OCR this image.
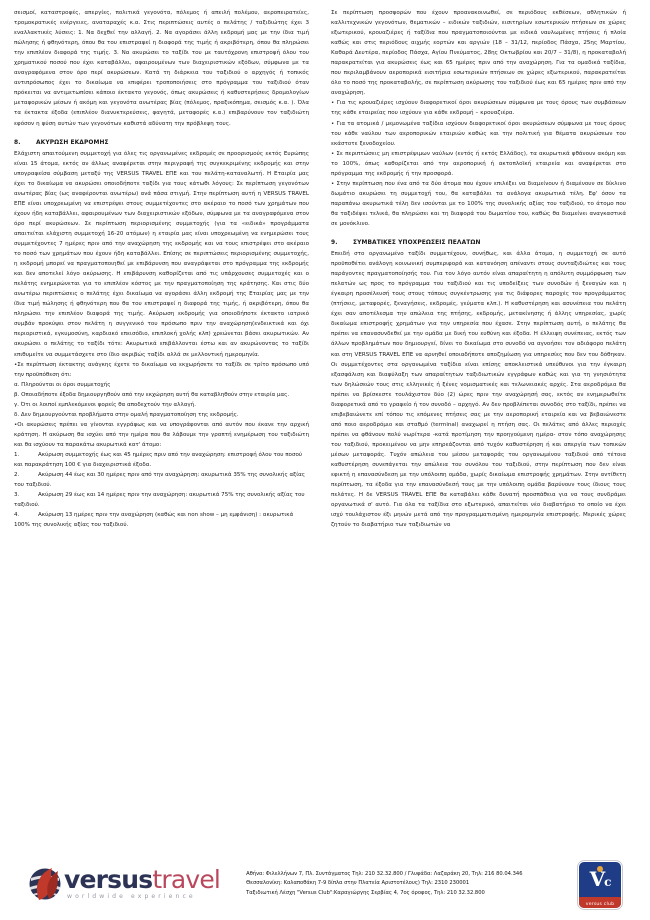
σεισμοί, καταστροφές, απεργίες, πολιτικά γεγονότα, πόλεμος ή απειλή πολέμου, αεροπειρατείες, τρομοκρατικές ενέργειες, αναταραχές κ.α. Στις περιπτώσεις αυτές ο πελάτης / ταξιδιώτης έχει 3 εναλλακτικές λύσεις: 1. Να δεχθεί την αλλαγή. 2. Να αγοράσει άλλη εκδρομή μας με την ίδια τιμή πώλησης ή φθηνότερη, όπου θα του επιστραφεί η διαφορά της τιμής ή ακριβότερη, όπου θα πληρώσει την επιπλέον διαφορά της τιμής. 3. Να ακυρώσει το ταξίδι του με ταυτόχρονη επιστροφή όλου του χρηματικού ποσού που έχει καταβάλλει, αφαιρουμένων των διαχειριστικών εξόδων, σύμφωνα με τα αναγραφόμενα στον όρο περί ακυρώσεων. Κατά τη διάρκεια του ταξιδιού ο αρχηγός ή τοπικός αντιπρόσωπος έχει το δικαίωμα να επιφέρει τροποποιήσεις στο πρόγραμμα του ταξιδιού όταν πρόκειται να αντιμετωπίσει κάποιο έκτακτο γεγονός, όπως ακυρώσεις ή καθυστερήσεις δρομολογίων μεταφορικών μέσων ή ακόμη και γεγονότα ανωτέρας βίας (πόλεμος, πραξικόπημα, σεισμός κ.α. ). Όλα τα έκτακτα έξοδα (επιπλέον διανυκτερεύσεις, φαγητά, μεταφορές κ.α.) επιβαρύνουν τον ταξιδιώτη εφόσον η φύση αυτών των γεγονότων καθιστά αδύνατη την πρόβλεψη τους.

8.	ΑΚΥΡΩΣΗ ΕΚΔΡΟΜΗΣ

Ελάχιστη απαιτούμενη συμμετοχή για όλες τις οργανωμένες εκδρομές σε προορισμούς εκτός Ευρώπης είναι 15 άτομα, εκτός αν άλλως αναφέρεται στην περιγραφή της συγκεκριμένης εκδρομής και στην υπογραφείσα σύμβαση μεταξύ της VERSUS TRAVEL ΕΠΕ και του πελάτη-καταναλωτή. Η Εταιρία μας έχει το δικαίωμα να ακυρώσει οποιοδήποτε ταξίδι για τους κάτωθι λόγους: Σε περίπτωση γεγονότων ανωτέρας βίας (ως αναφέρονται ανωτέρω) ανά πάσα στιγμή. Στην περίπτωση αυτή η VERSUS TRAVEL ΕΠΕ είναι υποχρεωμένη να επιστρέψει στους συμμετέχοντες στο ακέραιο το ποσό των χρημάτων που έχουν ήδη καταβάλλει, αφαιρουμένων των διαχειριστικών εξόδων, σύμφωνα με τα αναγραφόμενα στον όρο περί ακυρώσεων. Σε περίπτωση περιορισμένης συμμετοχής (για τα «ειδικά» προγράμματα απαιτείται ελάχιστη συμμετοχή 16-20 ατόμων) η εταιρία μας είναι υποχρεωμένη να ενημερώσει τους συμμετέχοντες 7 ημέρες πριν από την αναχώρηση της εκδρομής και να τους επιστρέψει στο ακέραιο το ποσό των χρημάτων που έχουν ήδη καταβάλλει. Επίσης σε περιπτώσεις περιορισμένης συμμετοχής, η εκδρομή μπορεί να πραγματοποιηθεί με επιβάρυνση που αναγράφεται στο πρόγραμμα της εκδρομής και δεν αποτελεί λόγο ακύρωσης. Η επιβάρυνση καθορίζεται από τις υπάρχουσες συμμετοχές και ο πελάτης ενημερώνεται για το επιπλέον κόστος με την πραγματοποίηση της κράτησης. Και στις δύο ανωτέρω περιπτώσεις ο πελάτης έχει δικαίωμα να αγοράσει άλλη εκδρομή της Εταιρίας μας με την ίδια τιμή πώλησης ή φθηνότερη που θα του επιστραφεί η διαφορά της τιμής, ή ακριβότερη, όπου θα πληρώσει την επιπλέον διαφορά της τιμής. Ακύρωση εκδρομής για οποιοδήποτε έκτακτο ιατρικό συμβάν προκύψει στον πελάτη η συγγενικό του πρόσωπο πριν την αναχώρηση(ενδεικτικά και όχι περιοριστικά, εγκυμοσύνη, καρδιακό επεισόδιο, επιπλοκή χολής κλπ) χρεώνεται βάσει ακυρωτικών. Αν ακυρώσει ο πελάτης το ταξίδι τότε: Ακυρωτικά επιβάλλονται έστω και αν ακυρώνοντας το ταξίδι επιθυμείτε να συμμετάσχετε στο ίδιο ακριβώς ταξίδι αλλά σε μελλοντική ημερομηνία.

•Σε περίπτωση έκτακτης ανάγκης έχετε το δικαίωμα να εκχωρήσετε το ταξίδι σε τρίτο πρόσωπο υπό την προϋπόθεση ότι:

α. Πληρούνται οι όροι συμμετοχής

β. Οποιαδήποτε έξοδα δημιουργηθούν από την εκχώρηση αυτή θα καταβληθούν στην εταιρία μας.

γ. Ότι οι λοιποί εμπλεκόμενοι φορείς θα αποδεχτούν την αλλαγή.

δ. Δεν δημιουργούνται προβλήματα στην ομαλή πραγματοποίηση της εκδρομής.

•Οι ακυρώσεις πρέπει να γίνονται εγγράφως και να υπογράφονται από αυτόν που έκανε την αρχική κράτηση. Η ακύρωση θα ισχύει από την ημέρα που θα λάβουμε την γραπτή ενημέρωση του ταξιδιώτη και θα ισχύουν τα παρακάτω ακυρωτικά κατ' άτομο:

1.	Ακύρωση συμμετοχής έως και 45 ημέρες πριν από την αναχώρηση: επιστροφή όλου του ποσού και παρακράτηση 100 € για διαχειριστικά έξοδα.

2.	Ακύρωση 44 έως και 30 ημέρες πριν από την αναχώρηση: ακυρωτικά 35% της συνολικής αξίας του ταξιδιού.

3.	Ακύρωση 29 έως και 14 ημέρες πριν την αναχώρηση: ακυρωτικά 75% της συνολικής αξίας του ταξιδιού.

4.	Ακύρωση 13 ημέρες πριν την αναχώρηση (καθώς και non show – μη εμφάνιση) : ακυρωτικά 100% της συνολικής αξίας του ταξιδιού.

Σε περίπτωση προσφορών που έχουν προανακοινωθεί, σε περιόδους εκθέσεων, αθλητικών ή καλλιτεχνικών γεγονότων, θεματικών – ειδικών ταξιδιών, εισιτηρίων εσωτερικών πτήσεων σε χώρες εξωτερικού, κρουαζιέρες ή ταξίδια που πραγματοποιούνται με ειδικά ναυλωμένες πτήσεις ή πλοία καθώς και στις περιόδους αιχμής εορτών και αργιών (18 – 31/12, περίοδος Πάσχα, 25ης Μαρτίου, Καθαρά Δευτέρα, περίοδος Πάσχα, Αγίου Πνεύματος, 28ης Οκτωβρίου και 20/7 – 31/8), η προκαταβολή παρακρατείται για ακυρώσεις έως και 65 ημέρες πριν από την αναχώρηση. Για τα ομαδικά ταξίδια, που περιλαμβάνουν αεροπορικά εισιτήρια εσωτερικών πτήσεων σε χώρες εξωτερικού, παρακρατείται όλο το ποσό της προκαταβολής, σε περίπτωση ακύρωσης του ταξιδιού έως και 65 ημέρες πριν από την αναχώρηση.

• Για τις κρουαζιέρες ισχύουν διαφορετικοί όροι ακυρώσεων σύμφωνα με τους όρους των συμβάσεων της κάθε εταιρείας που ισχύουν για κάθε εκδρομή – κρουαζιέρα.

• Για τα ατομικά / μεμονωμένα ταξίδια ισχύουν διαφορετικοί όροι ακυρώσεων σύμφωνα με τους όρους του κάθε ναύλου των αεροπορικών εταιριών καθώς και την πολιτική για θέματα ακυρώσεων του εκάστοτε ξενοδοχείου.

• Σε περιπτώσεις μη επιστρέψιμων ναύλων (εντός ή εκτός Ελλάδος), τα ακυρωτικά φθάνουν ακόμη και το 100%, όπως καθορίζεται από την αεροπορική ή ακτοπλοϊκή εταιρεία και αναφέρεται στο πρόγραμμα της εκδρομής ή την προσφορά.

• Στην περίπτωση που ένα από τα δύο άτομα που έχουν επιλέξει να διαμείνουν ή διαμένουν σε δίκλινο δωμάτιο ακυρώσει τη συμμετοχή του, θα καταβάλει τα ανάλογα ακυρωτικά τέλη. Εφ' όσον τα παραπάνω ακυρωτικά τέλη δεν ισούνται με το 100% της συνολικής αξίας του ταξιδιού, το άτομο που θα ταξιδέψει τελικά, θα πληρώσει και τη διαφορά του δωματίου του, καθώς θα διαμείνει αναγκαστικά σε μονόκλινο.

9.	ΣΥΜΒΑΤΙΚΕΣ ΥΠΟΧΡΕΩΣΕΙΣ ΠΕΛΑΤΩΝ

Επειδή στο οργανωμένο ταξίδι συμμετέχουν, συνήθως, και άλλα άτομα, η συμμετοχή σε αυτό προϋποθέτει ανάλογη κοινωνική συμπεριφορά και κατανόηση απέναντι στους συνταξιδιώτες και τους παράγοντες πραγματοποίησής του. Για τον λόγο αυτόν είναι απαραίτητη η απόλυτη συμμόρφωση των πελατών ως προς το πρόγραμμα του ταξιδιού και τις υποδείξεις των συνοδών ή ξεναγών και η έγκαιρη προσέλευσή τους στους τόπους συγκέντρωσης για τις διάφορες παροχές του προγράμματος (πτήσεις, μεταφορές, ξεναγήσεις, εκδρομές, γεύματα κλπ.). Η καθυστέρηση και ασυνέπεια του πελάτη έχει σαν αποτέλεσμα την απώλεια της πτήσης, εκδρομής, μετακίνησης ή άλλης υπηρεσίας, χωρίς δικαίωμα επιστροφής χρημάτων για την υπηρεσία που έχασε. Στην περίπτωση αυτή, ο πελάτης θα πρέπει να επανασυνδεθεί με την ομάδα με δική του ευθύνη και έξοδα. Η έλλειψη συνέπειας, εκτός των άλλων προβλημάτων που δημιουργεί, δίνει το δικαίωμα στο συνοδό να αγνοήσει τον αδιάφορο πελάτη και στη VERSUS TRAVEL ΕΠΕ να αρνηθεί οποιαδήποτε αποζημίωση για υπηρεσίες που δεν του δόθηκαν. Οι συμμετέχοντες στα οργανωμένα ταξίδια είναι επίσης αποκλειστικά υπεύθυνοι για την έγκαιρη εξασφάλιση και διαφύλαξη των απαραίτητων ταξιδιωτικών εγγράφων καθώς και για τη γνησιότητα των δηλώσεών τους στις ελληνικές ή ξένες νομισματικές και τελωνειακές αρχές. Στα αεροδρόμια θα πρέπει να βρίσκεστε τουλάχιστον δύο (2) ώρες πριν την αναχώρησή σας, εκτός αν ενημερωθείτε διαφορετικά από το γραφείο ή τον συνοδό – αρχηγό. Αν δεν προβλέπεται συνοδός στο ταξίδι, πρέπει να επιβεβαιώνετε επί τόπου τις επόμενες πτήσεις σας με την αεροπορική εταιρεία και να βεβαιώνεστε από ποιο αεροδρόμιο και σταθμό (terminal) αναχωρεί η πτήση σας. Οι πελάτες από άλλες περιοχές πρέπει να φθάνουν πολύ νωρίτερα -κατά προτίμηση την προηγούμενη ημέρα- στον τόπο αναχώρησης του ταξιδιού, προκειμένου να μην επηρεάζονται από τυχόν καθυστέρηση ή και απεργία των τοπικών μέσων μεταφοράς. Τυχόν απώλεια του μέσου μεταφοράς του οργανωμένου ταξιδιού από τέτοια καθυστέρηση συνεπάγεται την απώλεια του συνόλου του ταξιδιού, στην περίπτωση που δεν είναι εφικτή η επανασύνδεση με την υπόλοιπη ομάδα, χωρίς δικαίωμα επιστροφής χρημάτων. Στην αντίθετη περίπτωση, τα έξοδα για την επανασύνδεσή τους με την υπόλοιπη ομάδα βαρύνουν τους ίδιους τους πελάτες. Η δε VERSUS TRAVEL ΕΠΕ θα καταβάλει κάθε δυνατή προσπάθεια για να τους συνδράμει οργανωτικά σ' αυτό. Για όλα τα ταξίδια στο εξωτερικό, απαιτείται νέο διαβατήριο το οποίο να έχει ισχύ τουλάχιστον έξι μηνών μετά από την προγραμματισμένη ημερομηνία επιστροφής. Μερικές χώρες ζητούν το διαβατήριο των ταξιδιωτών να

versustravel
worldwide experience
Αθήνα: Φιλελλήνων 7, Πλ. Συντάγματος Τηλ: 210 32.32.800 / Γλυφάδα: Λαζαράκη 20, Τηλ: 216 80.04.346
Θεσσαλονίκη: Καλαποθάκη 7-9 δίπλα στην Πλατεία Αριστοτέλους) Τηλ: 2310 230001
Ταξιδιωτική Λέσχη "Versus Club":Καραγιώργης Σερβίας 4, 7ος όροφος, Τηλ: 210 32.32.800
Vc
versus club
